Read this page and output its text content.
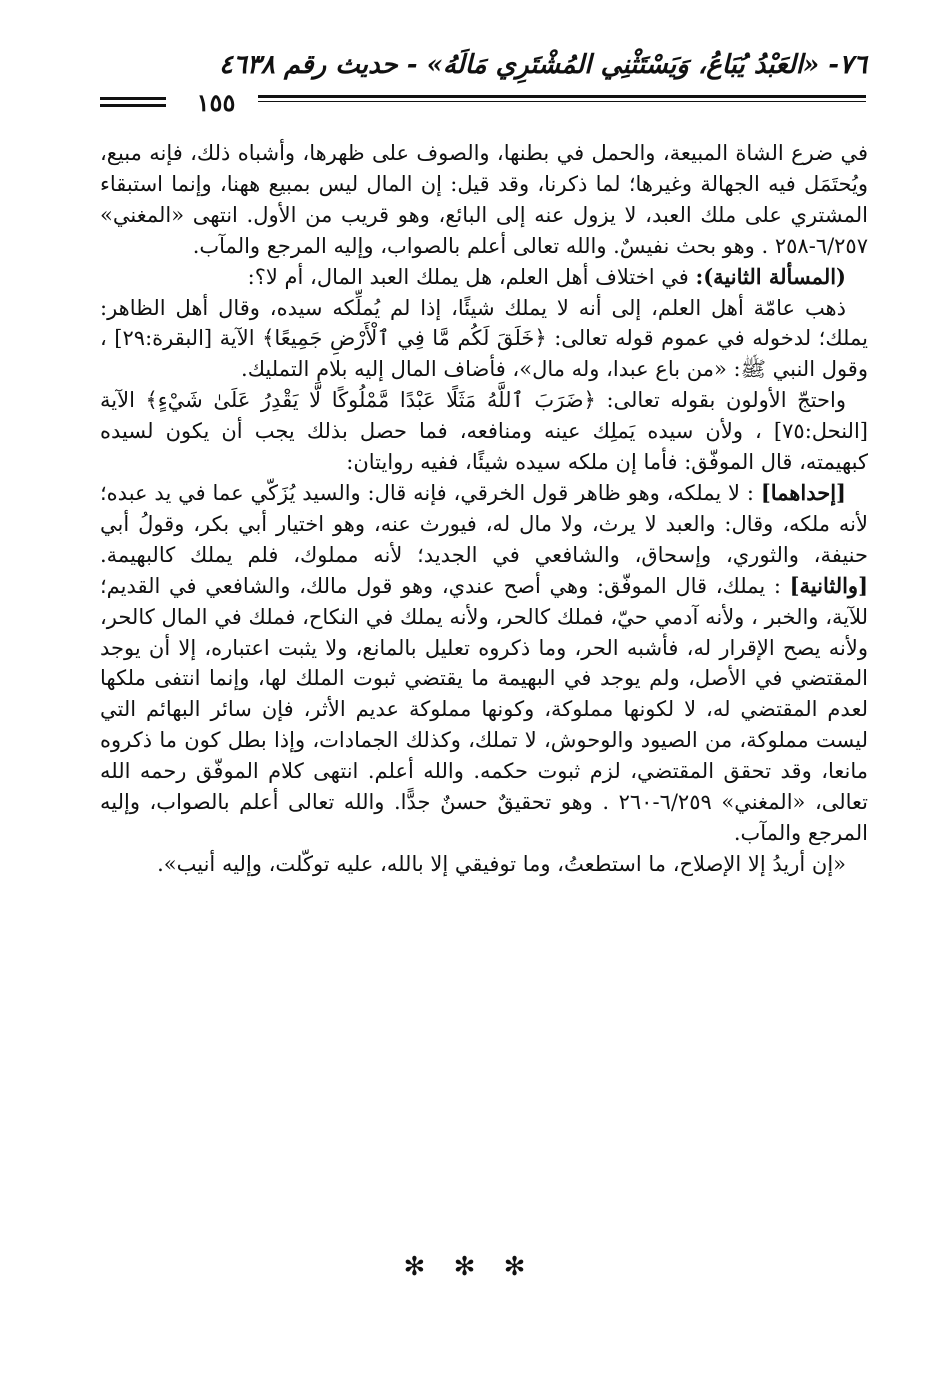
٧٦- «العَبْدُ يُبَاعُ، وَيَسْتَثْنِي المُشْتَرِي مَالَهُ» - حديث رقم ٤٦٣٨
١٥٥

في ضرع الشاة المبيعة، والحمل في بطنها، والصوف على ظهرها، وأشباه ذلك، فإنه مبيع، ويُحتَمَل فيه الجهالة وغيرها؛ لما ذكرنا، وقد قيل: إن المال ليس بمبيع ههنا، وإنما استبقاء المشتري على ملك العبد، لا يزول عنه إلى البائع، وهو قريب من الأول. انتهى «المغني» ٦/٢٥٧-٢٥٨ . وهو بحث نفيسٌ. والله تعالى أعلم بالصواب، وإليه المرجع والمآب.

(المسألة الثانية): في اختلاف أهل العلم، هل يملك العبد المال، أم لا؟:

ذهب عامّة أهل العلم، إلى أنه لا يملك شيئًا، إذا لم يُملِّكه سيده، وقال أهل الظاهر: يملك؛ لدخوله في عموم قوله تعالى: ﴿خَلَقَ لَكُم مَّا فِي ٱلْأَرْضِ جَمِيعًا﴾ الآية [البقرة:٢٩] ، وقول النبي ﷺ: «من باع عبدا، وله مال»، فأضاف المال إليه بلام التمليك.

واحتجّ الأولون بقوله تعالى: ﴿ضَرَبَ ٱللَّهُ مَثَلًا عَبْدًا مَّمْلُوكًا لَّا يَقْدِرُ عَلَىٰ شَيْءٍ﴾ الآية [النحل:٧٥] ، ولأن سيده يَملِك عينه ومنافعه، فما حصل بذلك يجب أن يكون لسيده كبهيمته، قال الموفّق: فأما إن ملكه سيده شيئًا، ففيه روايتان:

[إحداهما] : لا يملكه، وهو ظاهر قول الخرقي، فإنه قال: والسيد يُزَكّي عما في يد عبده؛ لأنه ملكه، وقال: والعبد لا يرث، ولا مال له، فيورث عنه، وهو اختيار أبي بكر، وقولُ أبي حنيفة، والثوري، وإسحاق، والشافعي في الجديد؛ لأنه مملوك، فلم يملك كالبهيمة. [والثانية] : يملك، قال الموفّق: وهي أصح عندي، وهو قول مالك، والشافعي في القديم؛ للآية، والخبر ، ولأنه آدمي حيّ، فملك كالحر، ولأنه يملك في النكاح، فملك في المال كالحر، ولأنه يصح الإقرار له، فأشبه الحر، وما ذكروه تعليل بالمانع، ولا يثبت اعتباره، إلا أن يوجد المقتضي في الأصل، ولم يوجد في البهيمة ما يقتضي ثبوت الملك لها، وإنما انتفى ملكها لعدم المقتضي له، لا لكونها مملوكة، وكونها مملوكة عديم الأثر، فإن سائر البهائم التي ليست مملوكة، من الصيود والوحوش، لا تملك، وكذلك الجمادات، وإذا بطل كون ما ذكروه مانعا، وقد تحقق المقتضي، لزم ثبوت حكمه. والله أعلم. انتهى كلام الموفّق رحمه الله تعالى، «المغني» ٦/٢٥٩-٢٦٠ . وهو تحقيقٌ حسنٌ جدًّا. والله تعالى أعلم بالصواب، وإليه المرجع والمآب.

«إن أريدُ إلا الإصلاح، ما استطعتُ، وما توفيقي إلا بالله، عليه توكّلت، وإليه أنيب».

✻ ✻ ✻
